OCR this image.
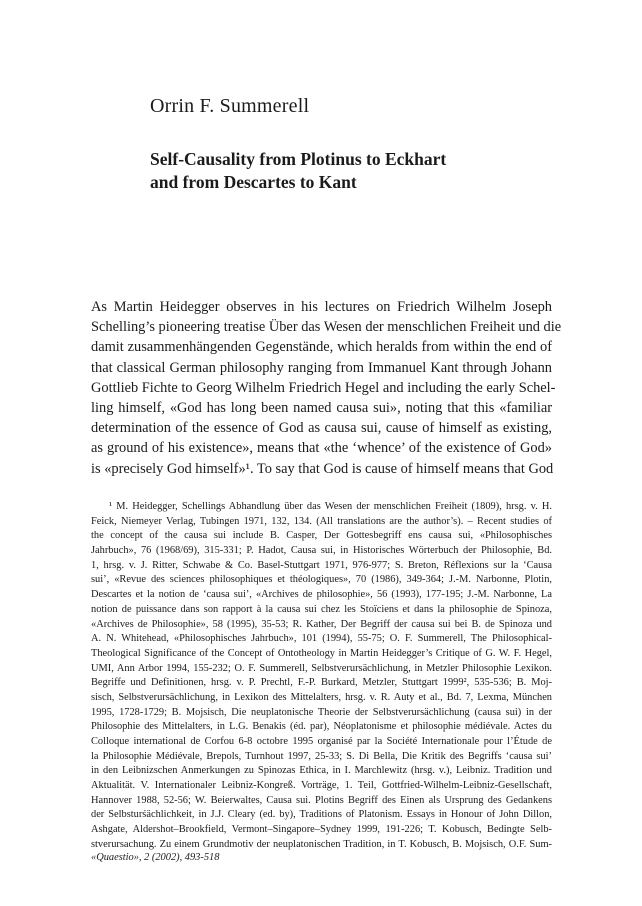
Orrin F. Summerell
Self-Causality from Plotinus to Eckhart
and from Descartes to Kant
As Martin Heidegger observes in his lectures on Friedrich Wilhelm Joseph
Schelling’s pioneering treatise Über das Wesen der menschlichen Freiheit und die
damit zusammenhängenden Gegenstände, which heralds from within the end of
that classical German philosophy ranging from Immanuel Kant through Johann
Gottlieb Fichte to Georg Wilhelm Friedrich Hegel and including the early Schel-
ling himself, «God has long been named causa sui», noting that this «familiar
determination of the essence of God as causa sui, cause of himself as existing,
as ground of his existence», means that «the ‘whence’ of the existence of God»
is «precisely God himself»¹. To say that God is cause of himself means that God
¹ M. Heidegger, Schellings Abhandlung über das Wesen der menschlichen Freiheit (1809), hrsg. v. H.
Feick, Niemeyer Verlag, Tubingen 1971, 132, 134. (All translations are the author’s). – Recent studies of
the concept of the causa sui include B. Casper, Der Gottesbegriff ens causa sui, «Philosophisches
Jahrbuch», 76 (1968/69), 315-331; P. Hadot, Causa sui, in Historisches Wörterbuch der Philosophie, Bd.
1, hrsg. v. J. Ritter, Schwabe & Co. Basel-Stuttgart 1971, 976-977; S. Breton, Réflexions sur la ‘Causa
sui’, «Revue des sciences philosophiques et théologiques», 70 (1986), 349-364; J.-M. Narbonne, Plotin,
Descartes et la notion de ‘causa sui’, «Archives de philosophie», 56 (1993), 177-195; J.-M. Narbonne, La
notion de puissance dans son rapport à la causa sui chez les Stoïciens et dans la philosophie de Spinoza,
«Archives de Philosophie», 58 (1995), 35-53; R. Kather, Der Begriff der causa sui bei B. de Spinoza und
A. N. Whitehead, «Philosophisches Jahrbuch», 101 (1994), 55-75; O. F. Summerell, The Philosophical-
Theological Significance of the Concept of Ontotheology in Martin Heidegger’s Critique of G. W. F. Hegel,
UMI, Ann Arbor 1994, 155-232; O. F. Summerell, Selbstverursächlichung, in Metzler Philosophie Lexikon.
Begriffe und Definitionen, hrsg. v. P. Prechtl, F.-P. Burkard, Metzler, Stuttgart 1999², 535-536; B. Moj-
sisch, Selbstverursächlichung, in Lexikon des Mittelalters, hrsg. v. R. Auty et al., Bd. 7, Lexma, München
1995, 1728-1729; B. Mojsisch, Die neuplatonische Theorie der Selbstverursächlichung (causa sui) in der
Philosophie des Mittelalters, in L.G. Benakis (éd. par), Néoplatonisme et philosophie médiévale. Actes du
Colloque international de Corfou 6-8 octobre 1995 organisé par la Société Internationale pour l’Étude de
la Philosophie Médiévale, Brepols, Turnhout 1997, 25-33; S. Di Bella, Die Kritik des Begriffs ‘causa sui’
in den Leibnizschen Anmerkungen zu Spinozas Ethica, in I. Marchlewitz (hrsg. v.), Leibniz. Tradition und
Aktualität. V. Internationaler Leibniz-Kongreß. Vorträge, 1. Teil, Gottfried-Wilhelm-Leibniz-Gesellschaft,
Hannover 1988, 52-56; W. Beierwaltes, Causa sui. Plotins Begriff des Einen als Ursprung des Gedankens
der Selbsturśächlichkeit, in J.J. Cleary (ed. by), Traditions of Platonism. Essays in Honour of John Dillon,
Ashgate, Aldershot–Brookfield, Vermont–Singapore–Sydney 1999, 191-226; T. Kobusch, Bedingte Selb-
stverursachung. Zu einem Grundmotiv der neuplatonischen Tradition, in T. Kobusch, B. Mojsisch, O.F. Sum-
«Quaestio», 2 (2002), 493-518
